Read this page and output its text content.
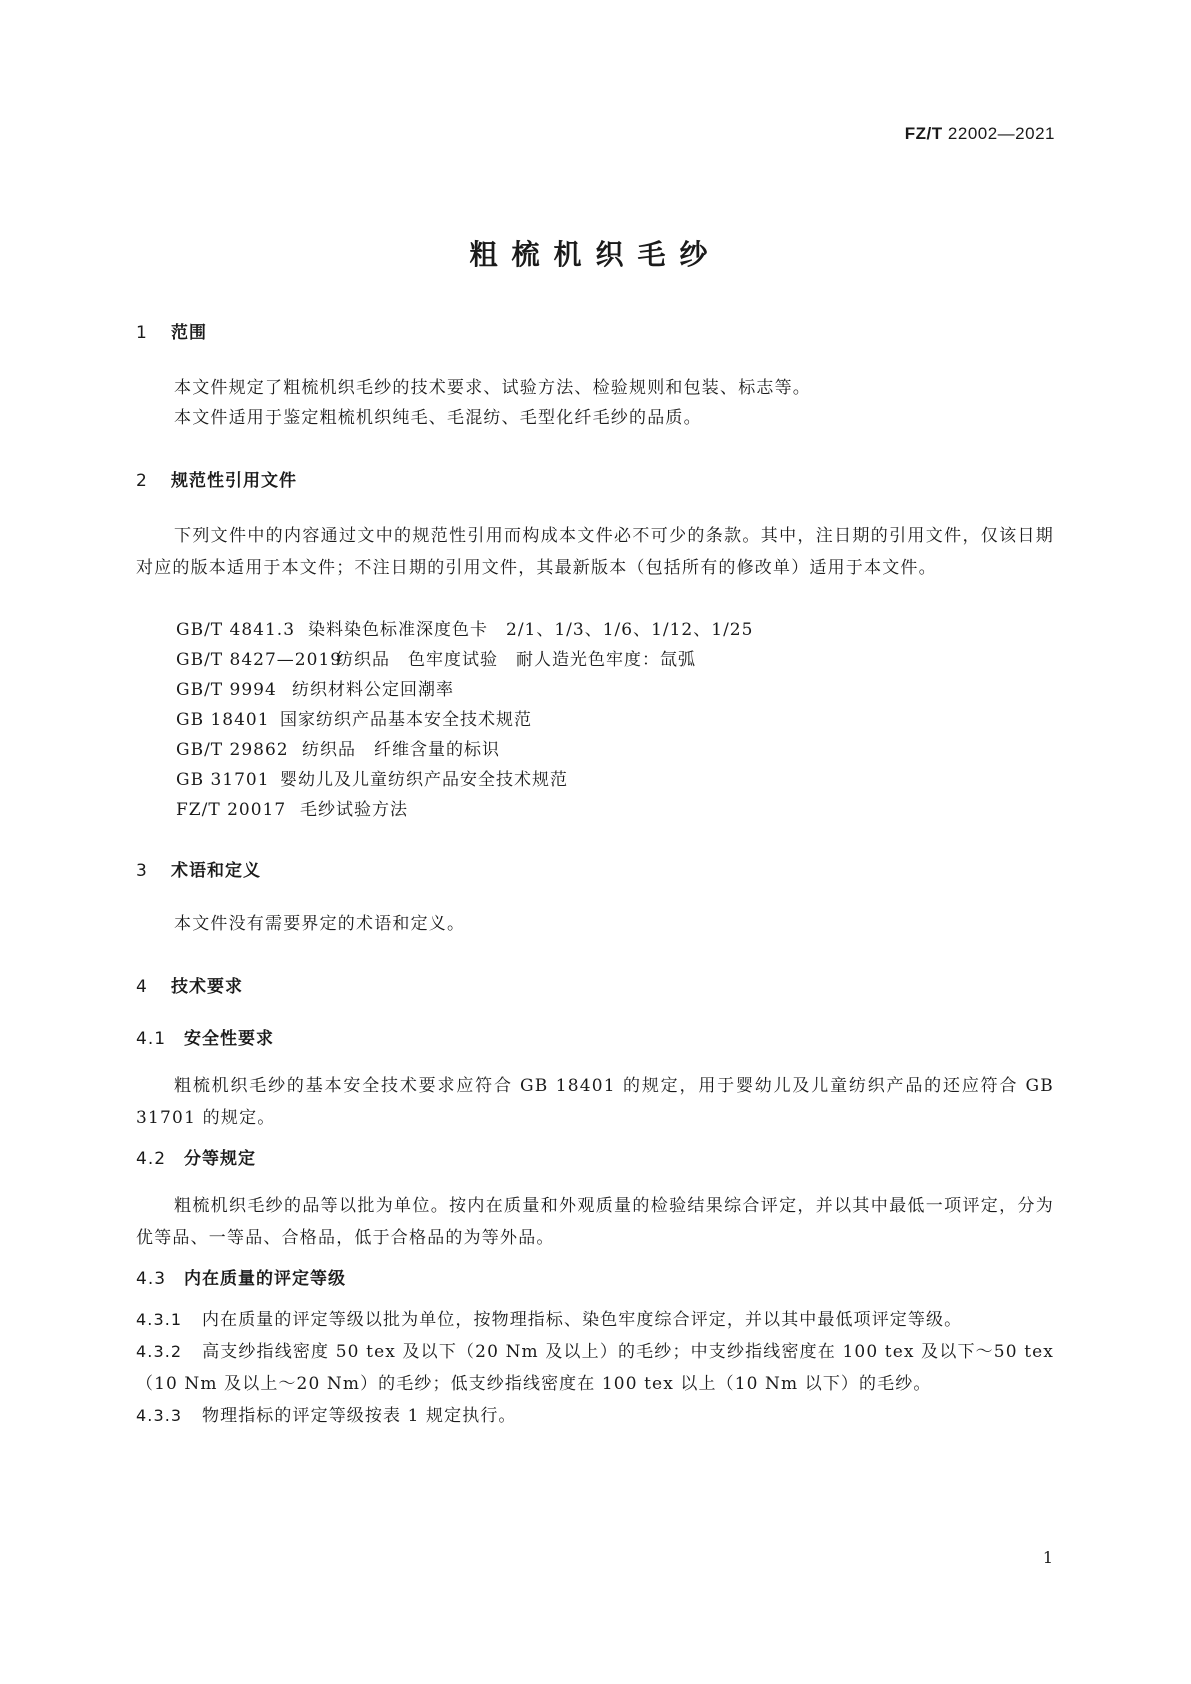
FZ/T 22002—2021
粗梳机织毛纱
1 范围
本文件规定了粗梳机织毛纱的技术要求、试验方法、检验规则和包装、标志等。
本文件适用于鉴定粗梳机织纯毛、毛混纺、毛型化纤毛纱的品质。
2 规范性引用文件
下列文件中的内容通过文中的规范性引用而构成本文件必不可少的条款。其中，注日期的引用文件，仅该日期对应的版本适用于本文件；不注日期的引用文件，其最新版本（包括所有的修改单）适用于本文件。
GB/T 4841.3 染料染色标准深度色卡　2/1、1/3、1/6、1/12、1/25
GB/T 8427—2019纺织品　色牢度试验　耐人造光色牢度：氙弧
GB/T 9994 纺织材料公定回潮率
GB 18401 国家纺织产品基本安全技术规范
GB/T 29862 纺织品　纤维含量的标识
GB 31701 婴幼儿及儿童纺织产品安全技术规范
FZ/T 20017 毛纱试验方法
3 术语和定义
本文件没有需要界定的术语和定义。
4 技术要求
4.1 安全性要求
粗梳机织毛纱的基本安全技术要求应符合 GB 18401 的规定，用于婴幼儿及儿童纺织产品的还应符合 GB 31701 的规定。
4.2 分等规定
粗梳机织毛纱的品等以批为单位。按内在质量和外观质量的检验结果综合评定，并以其中最低一项评定，分为优等品、一等品、合格品，低于合格品的为等外品。
4.3 内在质量的评定等级
4.3.1 内在质量的评定等级以批为单位，按物理指标、染色牢度综合评定，并以其中最低项评定等级。
4.3.2 高支纱指线密度 50 tex 及以下（20 Nm 及以上）的毛纱；中支纱指线密度在 100 tex 及以下～50 tex（10 Nm 及以上～20 Nm）的毛纱；低支纱指线密度在 100 tex 以上（10 Nm 以下）的毛纱。
4.3.3 物理指标的评定等级按表 1 规定执行。
1
